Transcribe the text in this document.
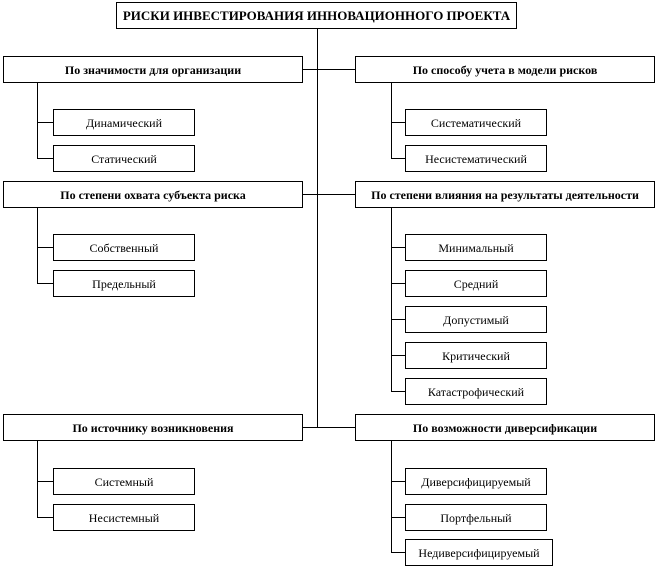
РИСКИ ИНВЕСТИРОВАНИЯ ИННОВАЦИОННОГО ПРОЕКТА
По значимости для организации	По способу учета в модели рисков
По степени охвата субъекта риска	По степени влияния на результаты деятельности
По источнику возникновения	По возможности диверсификации
Динамический
Статический
Собственный
Предельный
Системный
Несистемный
Систематический
Несистематический
Минимальный
Средний
Допустимый
Критический
Катастрофический
Диверсифицируемый
Портфельный
Недиверсифицируемый
